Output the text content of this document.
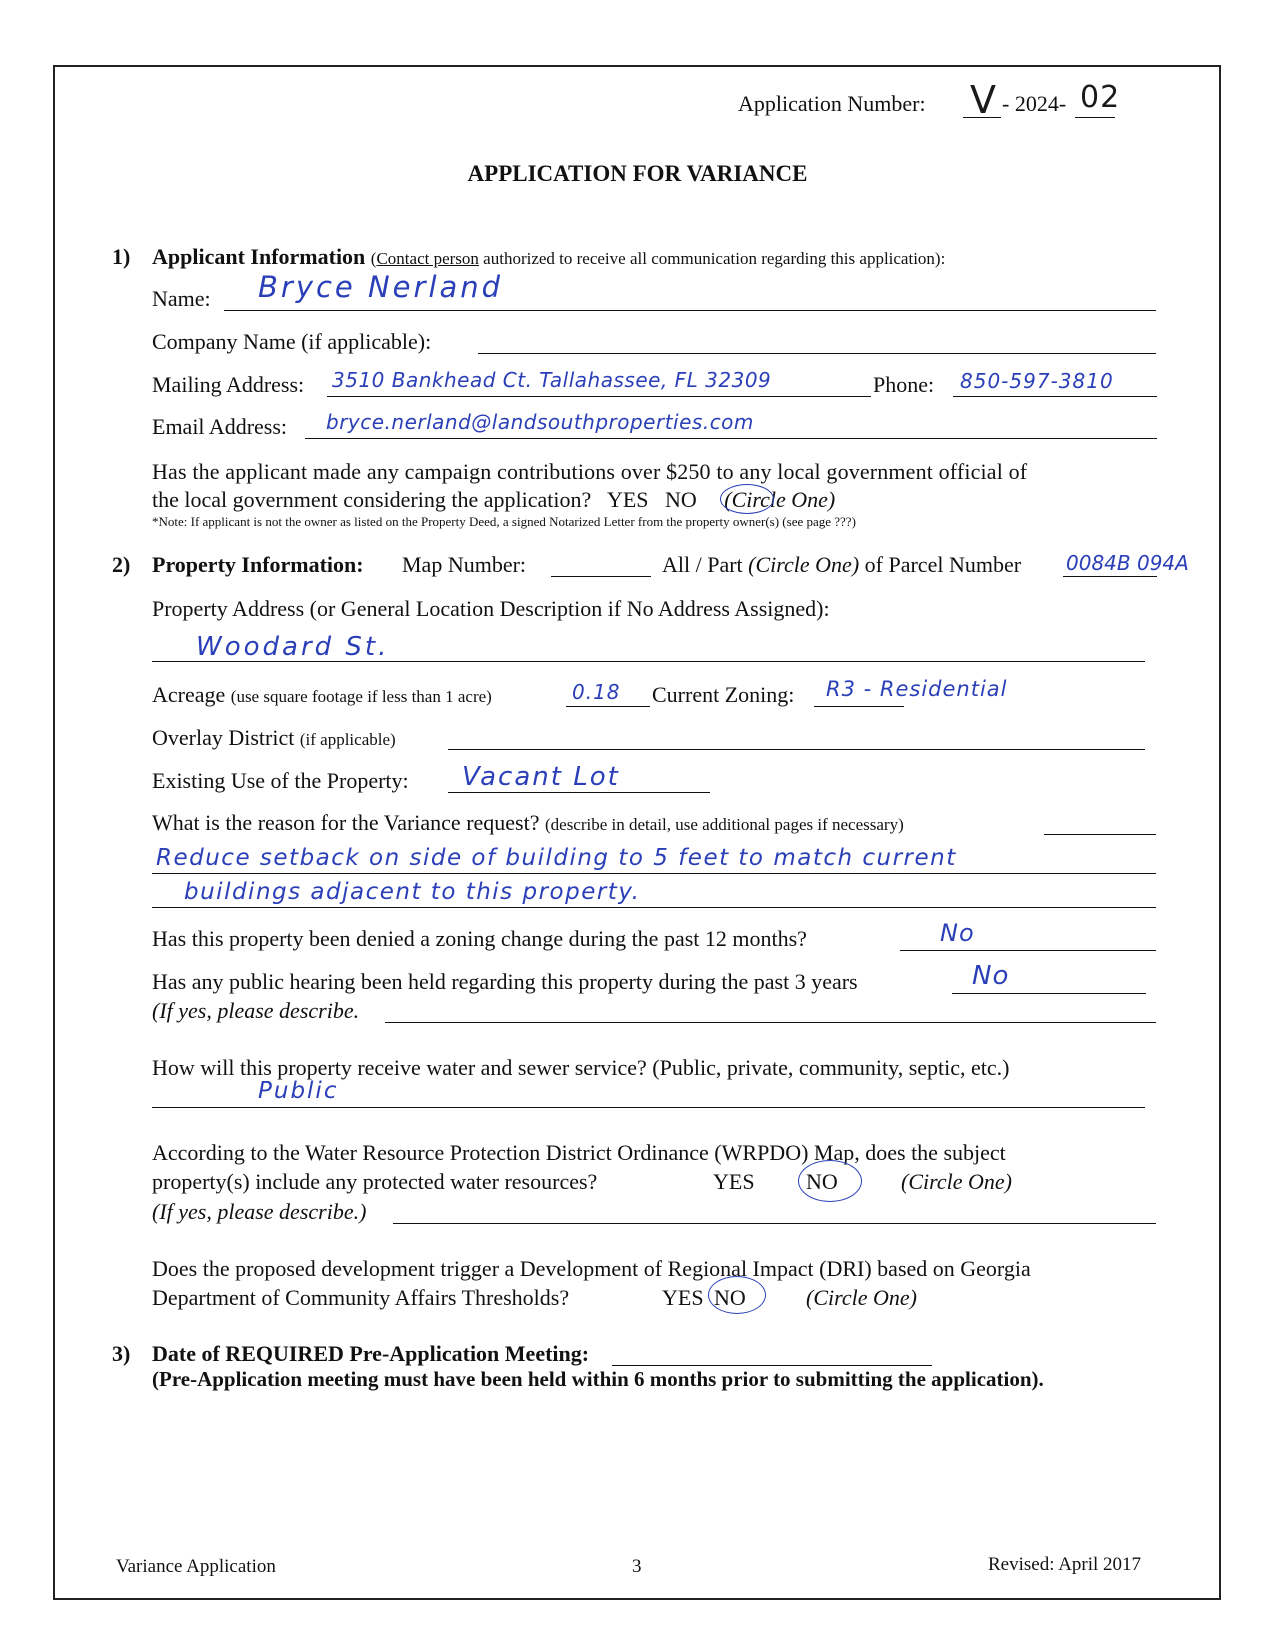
Application Number: V - 2024- 02
APPLICATION FOR VARIANCE
1) Applicant Information (Contact person authorized to receive all communication regarding this application):
Name: Bryce Nerland
Company Name (if applicable):
Mailing Address: 3510 Bankhead Ct. Tallahassee, FL 32309	Phone: 850-597-3810
Email Address: bryce.nerland@landsouthproperties.com
Has the applicant made any campaign contributions over $250 to any local government official of
the local government considering the application? YES NO (Circle One)
*Note: If applicant is not the owner as listed on the Property Deed, a signed Notarized Letter from the property owner(s) (see page ???)
2) Property Information: Map Number:	All / Part (Circle One) of Parcel Number 0084B 094A
Property Address (or General Location Description if No Address Assigned):
Woodard St.
Acreage (use square footage if less than 1 acre)	0.18 Current Zoning: R3 - Residential
Overlay District (if applicable)
Existing Use of the Property: Vacant Lot
What is the reason for the Variance request? (describe in detail, use additional pages if necessary)
Reduce setback on side of building to 5 feet to match current
buildings adjacent to this property.
Has this property been denied a zoning change during the past 12 months?	No
Has any public hearing been held regarding this property during the past 3 years	No
(If yes, please describe.
How will this property receive water and sewer service? (Public, private, community, septic, etc.)
Public
According to the Water Resource Protection District Ordinance (WRPDO) Map, does the subject
property(s) include any protected water resources?	YES NO	(Circle One)
(If yes, please describe.)
Does the proposed development trigger a Development of Regional Impact (DRI) based on Georgia
Department of Community Affairs Thresholds?	YES NO	(Circle One)
3) Date of REQUIRED Pre-Application Meeting:
(Pre-Application meeting must have been held within 6 months prior to submitting the application).
Variance Application	3	Revised: April 2017
